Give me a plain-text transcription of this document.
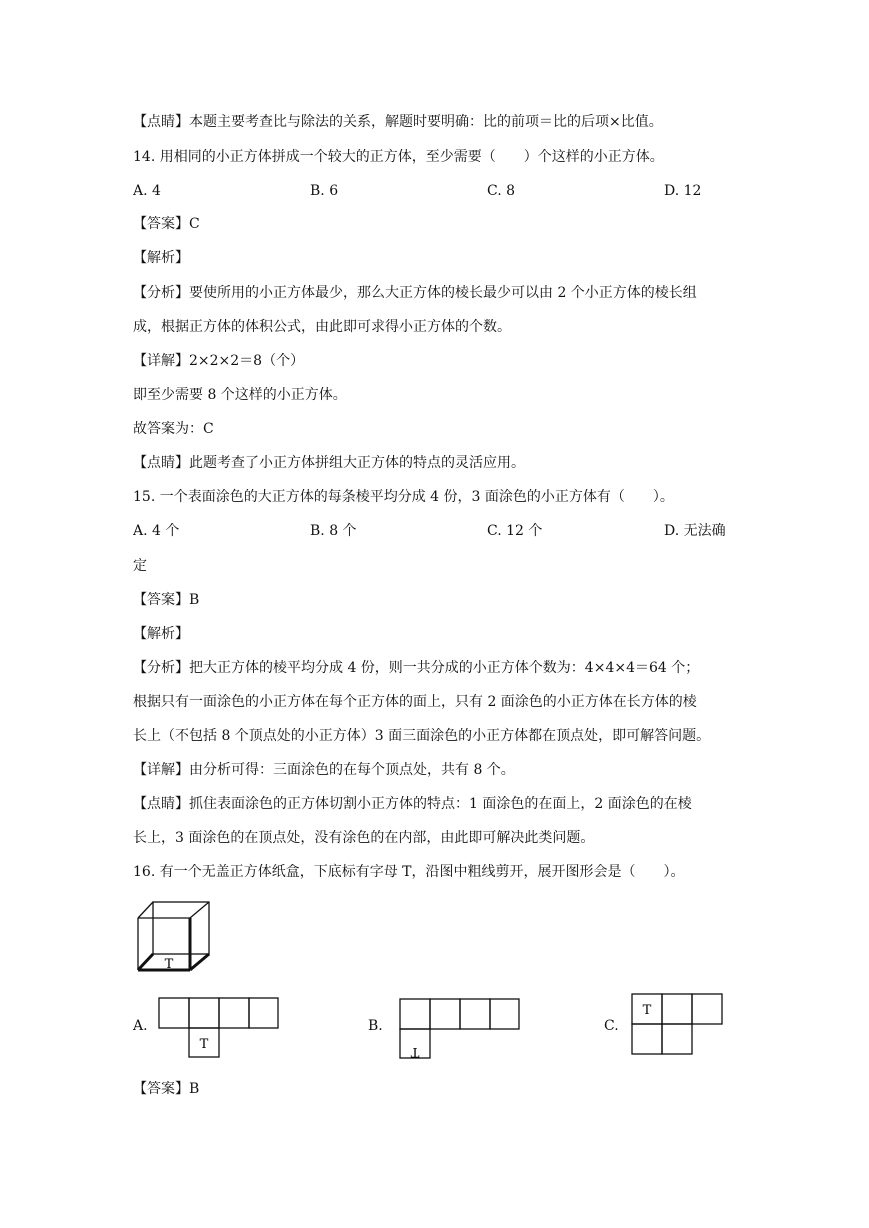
【点睛】本题主要考查比与除法的关系，解题时要明确：比的前项＝比的后项×比值。
14. 用相同的小正方体拼成一个较大的正方体，至少需要（　　）个这样的小正方体。
A. 4	B. 6	C. 8	D. 12
【答案】C
【解析】
【分析】要使所用的小正方体最少，那么大正方体的棱长最少可以由 2 个小正方体的棱长组
成，根据正方体的体积公式，由此即可求得小正方体的个数。
【详解】2×2×2＝8（个）
即至少需要 8 个这样的小正方体。
故答案为：C
【点睛】此题考查了小正方体拼组大正方体的特点的灵活应用。
15. 一个表面涂色的大正方体的每条棱平均分成 4 份，3 面涂色的小正方体有（　　）。
A. 4 个	B. 8 个	C. 12 个	D. 无法确
定
【答案】B
【解析】
【分析】把大正方体的棱平均分成 4 份，则一共分成的小正方体个数为：4×4×4＝64 个；
根据只有一面涂色的小正方体在每个正方体的面上，只有 2 面涂色的小正方体在长方体的棱
长上（不包括 8 个顶点处的小正方体）3 面三面涂色的小正方体都在顶点处，即可解答问题。
【详解】由分析可得：三面涂色的在每个顶点处，共有 8 个。
【点睛】抓住表面涂色的正方体切割小正方体的特点：1 面涂色的在面上，2 面涂色的在棱
长上，3 面涂色的在顶点处，没有涂色的在内部，由此即可解决此类问题。
16. 有一个无盖正方体纸盒，下底标有字母 T，沿图中粗线剪开，展开图形会是（　　）。
T
A.
T
B.
T
C.
T
【答案】B
